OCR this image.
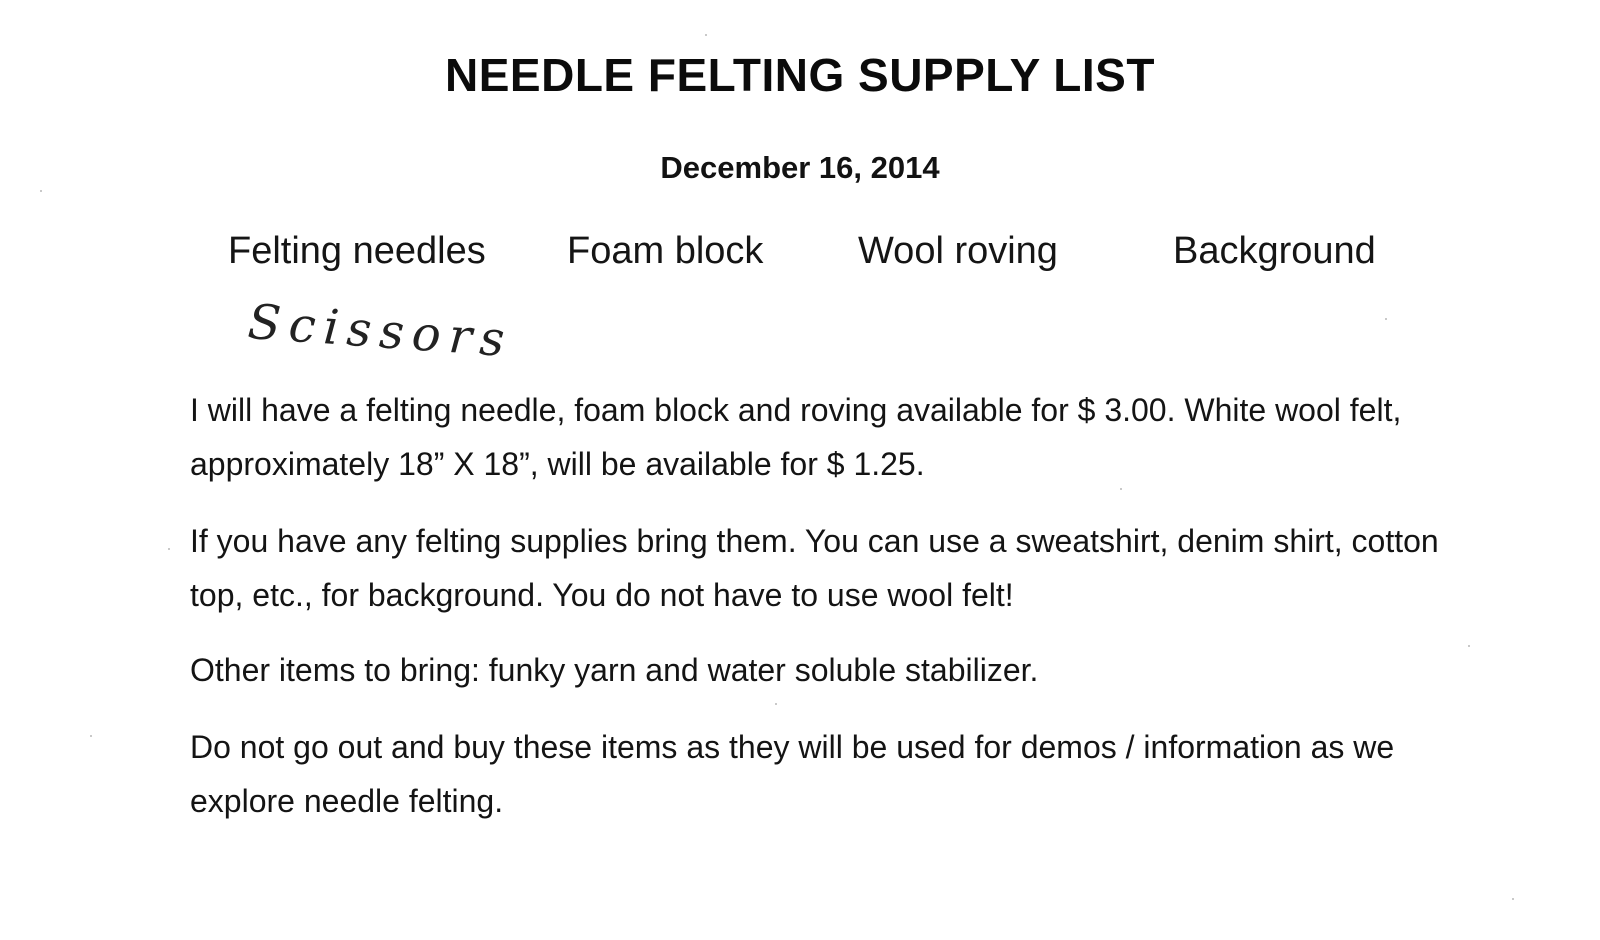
NEEDLE FELTING SUPPLY LIST
December 16, 2014
Felting needles Foam block Wool roving	Background
Scissors

I will have a felting needle, foam block and roving available for $ 3.00. White wool felt, approximately 18” X 18”, will be available for $ 1.25.

If you have any felting supplies bring them. You can use a sweatshirt, denim shirt, cotton top, etc., for background. You do not have to use wool felt!

Other items to bring: funky yarn and water soluble stabilizer.

Do not go out and buy these items as they will be used for demos / information as we explore needle felting.
